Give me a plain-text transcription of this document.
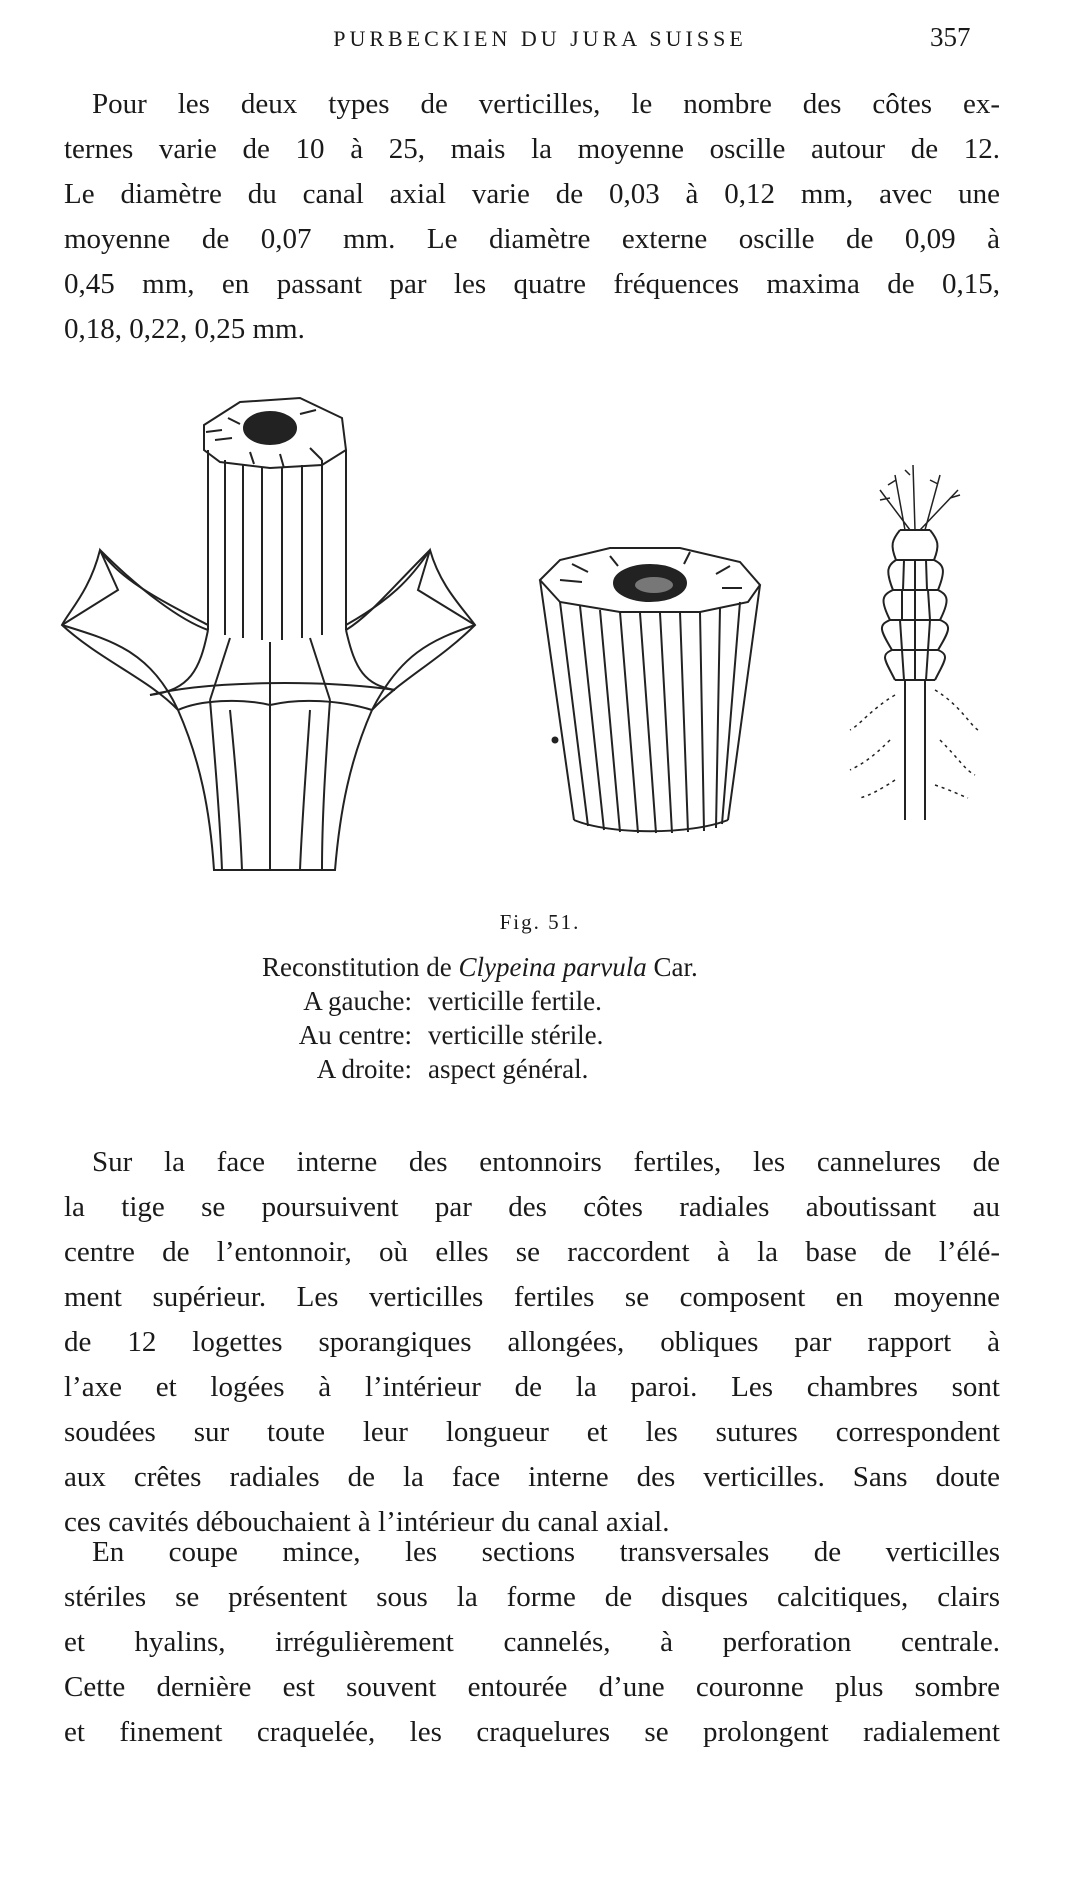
PURBECKIEN DU JURA SUISSE	357

Pour les deux types de verticilles, le nombre des côtes ex-
ternes varie de 10 à 25, mais la moyenne oscille autour de 12.
Le diamètre du canal axial varie de 0,03 à 0,12 mm, avec une
moyenne de 0,07 mm. Le diamètre externe oscille de 0,09 à
0,45 mm, en passant par les quatre fréquences maxima de 0,15,
0,18, 0,22, 0,25 mm.

Fig. 51.
Reconstitution de Clypeina parvula Car.
A gauche: verticille fertile.
Au centre: verticille stérile.
A droite: aspect général.

Sur la face interne des entonnoirs fertiles, les cannelures de
la tige se poursuivent par des côtes radiales aboutissant au
centre de l’entonnoir, où elles se raccordent à la base de l’élé-
ment supérieur. Les verticilles fertiles se composent en moyenne
de 12 logettes sporangiques allongées, obliques par rapport à
l’axe et logées à l’intérieur de la paroi. Les chambres sont
soudées sur toute leur longueur et les sutures correspondent
aux crêtes radiales de la face interne des verticilles. Sans doute
ces cavités débouchaient à l’intérieur du canal axial.

En coupe mince, les sections transversales de verticilles
stériles se présentent sous la forme de disques calcitiques, clairs
et hyalins, irrégulièrement cannelés, à perforation centrale.
Cette dernière est souvent entourée d’une couronne plus sombre
et finement craquelée, les craquelures se prolongent radialement
